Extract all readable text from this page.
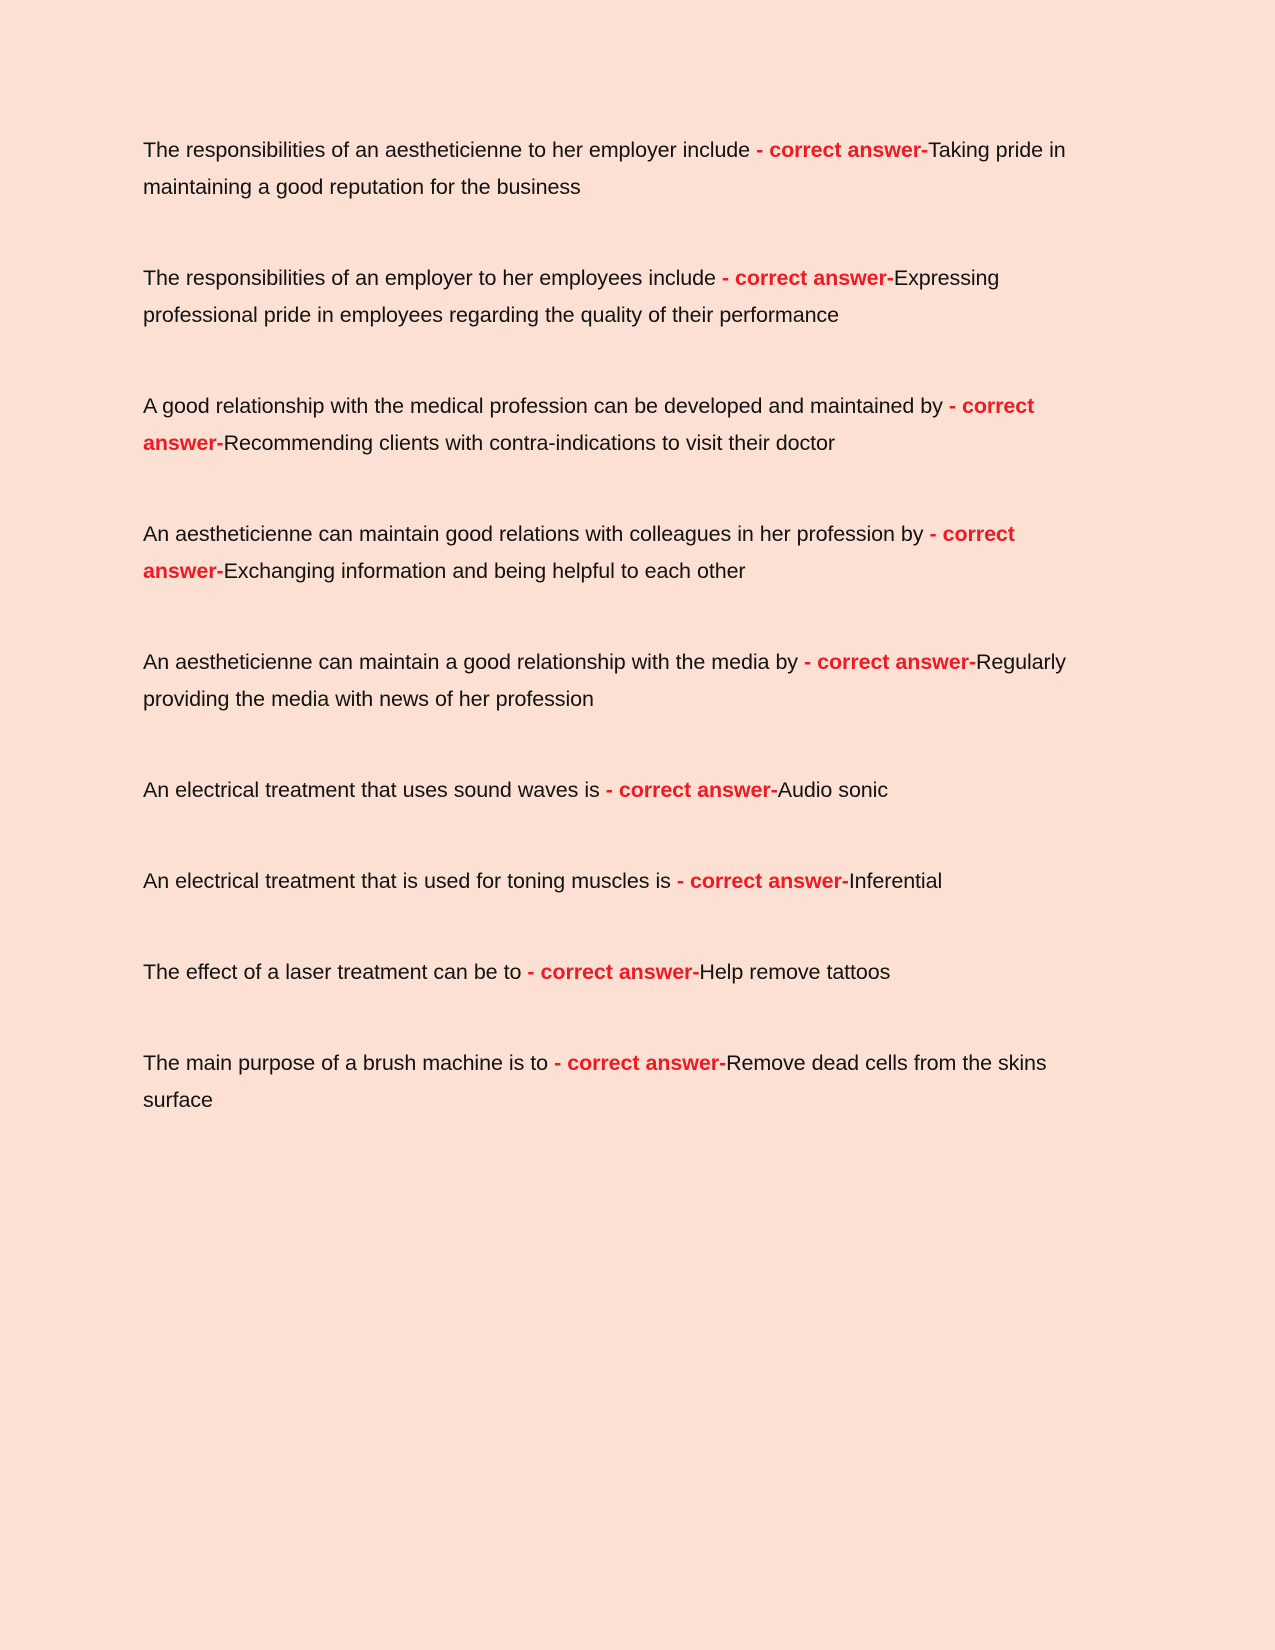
The responsibilities of an aestheticienne to her employer include - correct answer-Taking pride in maintaining a good reputation for the business

The responsibilities of an employer to her employees include - correct answer-Expressing professional pride in employees regarding the quality of their performance

A good relationship with the medical profession can be developed and maintained by - correct answer-Recommending clients with contra-indications to visit their doctor

An aestheticienne can maintain good relations with colleagues in her profession by - correct answer-Exchanging information and being helpful to each other

An aestheticienne can maintain a good relationship with the media by - correct answer-Regularly providing the media with news of her profession

An electrical treatment that uses sound waves is - correct answer-Audio sonic

An electrical treatment that is used for toning muscles is - correct answer-Inferential

The effect of a laser treatment can be to - correct answer-Help remove tattoos

The main purpose of a brush machine is to - correct answer-Remove dead cells from the skins surface
